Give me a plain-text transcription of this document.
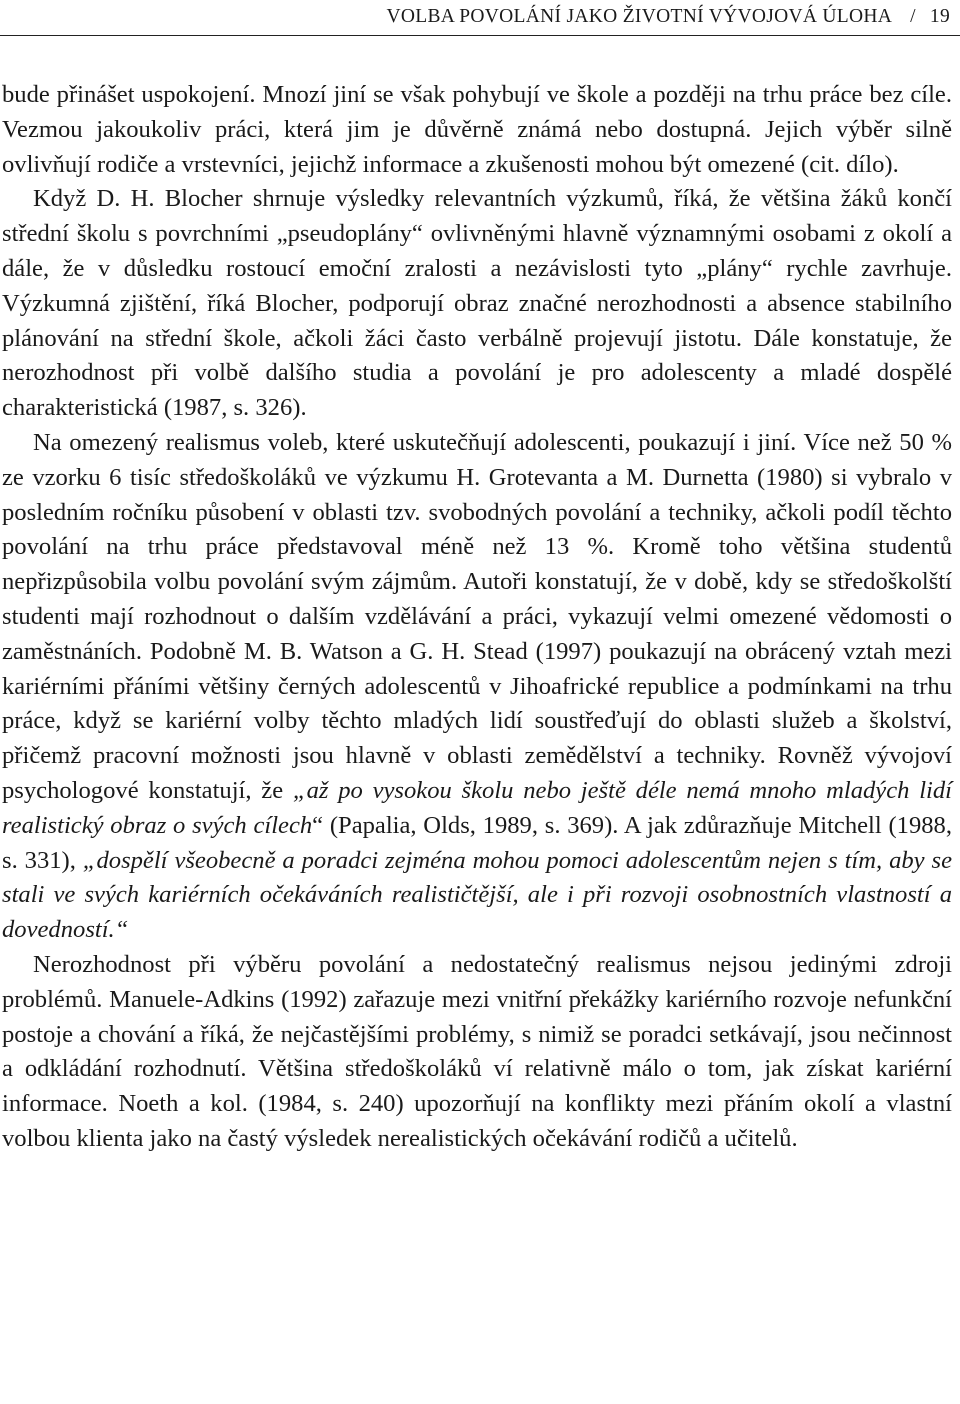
VOLBA POVOLÁNÍ JAKO ŽIVOTNÍ VÝVOJOVÁ ÚLOHA / 19

bude přinášet uspokojení. Mnozí jiní se však pohybují ve škole a později na trhu práce bez cíle. Vezmou jakoukoliv práci, která jim je důvěrně známá nebo dostupná. Jejich výběr silně ovlivňují rodiče a vrstevníci, jejichž informace a zkušenosti mohou být omezené (cit. dílo).

Když D. H. Blocher shrnuje výsledky relevantních výzkumů, říká, že většina žáků končí střední školu s povrchními „pseudoplány“ ovlivněnými hlavně významnými osobami z okolí a dále, že v důsledku rostoucí emoční zralosti a nezávislosti tyto „plány“ rychle zavrhuje. Výzkumná zjištění, říká Blocher, podporují obraz značné nerozhodnosti a absence stabilního plánování na střední škole, ačkoli žáci často verbálně projevují jistotu. Dále konstatuje, že nerozhodnost při volbě dalšího studia a povolání je pro adolescenty a mladé dospělé charakteristická (1987, s. 326).

Na omezený realismus voleb, které uskutečňují adolescenti, poukazují i jiní. Více než 50 % ze vzorku 6 tisíc středoškoláků ve výzkumu H. Grotevanta a M. Durnetta (1980) si vybralo v posledním ročníku působení v oblasti tzv. svobodných povolání a techniky, ačkoli podíl těchto povolání na trhu práce představoval méně než 13 %. Kromě toho většina studentů nepřizpůsobila volbu povolání svým zájmům. Autoři konstatují, že v době, kdy se středoškolští studenti mají rozhodnout o dalším vzdělávání a práci, vykazují velmi omezené vědomosti o zaměstnáních. Podobně M. B. Watson a G. H. Stead (1997) poukazují na obrácený vztah mezi kariérními přáními většiny černých adolescentů v Jihoafrické republice a podmínkami na trhu práce, když se kariérní volby těchto mladých lidí soustřeďují do oblasti služeb a školství, přičemž pracovní možnosti jsou hlavně v oblasti zemědělství a techniky. Rovněž vývojoví psychologové konstatují, že „až po vysokou školu nebo ještě déle nemá mnoho mladých lidí realistický obraz o svých cílech“ (Papalia, Olds, 1989, s. 369). A jak zdůrazňuje Mitchell (1988, s. 331), „dospělí všeobecně a poradci zejména mohou pomoci adolescentům nejen s tím, aby se stali ve svých kariérních očekáváních realističtější, ale i při rozvoji osobnostních vlastností a dovedností.“

Nerozhodnost při výběru povolání a nedostatečný realismus nejsou jedinými zdroji problémů. Manuele-Adkins (1992) zařazuje mezi vnitřní překážky kariérního rozvoje nefunkční postoje a chování a říká, že nejčastějšími problémy, s nimiž se poradci setkávají, jsou nečinnost a odkládání rozhodnutí. Většina středoškoláků ví relativně málo o tom, jak získat kariérní informace. Noeth a kol. (1984, s. 240) upozorňují na konflikty mezi přáním okolí a vlastní volbou klienta jako na častý výsledek nerealistických očekávání rodičů a učitelů.
